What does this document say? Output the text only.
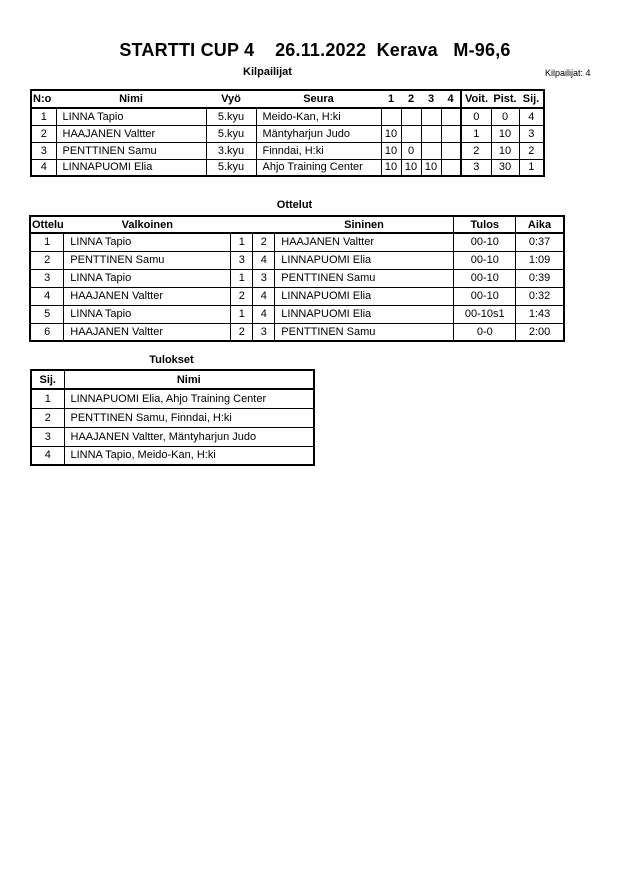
STARTTI CUP 4    26.11.2022  Kerava   M-96,6
Kilpailijat	Kilpailijat: 4
N:o	Nimi	Vyö	Seura	1	2	3	4	Voit.	Pist.	Sij.
1	LINNA Tapio	5.kyu	Meido-Kan, H:ki					0	0	4
2	HAAJANEN Valtter	5.kyu	Mäntyharjun Judo	10				1	10	3
3	PENTTINEN Samu	3.kyu	Finndai, H:ki	10	0			2	10	2
4	LINNAPUOMI Elia	5.kyu	Ahjo Training Center	10	10	10		3	30	1
Ottelut
Ottelu	Valkoinen			Sininen	Tulos	Aika
1	LINNA Tapio	1	2	HAAJANEN Valtter	00-10	0:37
2	PENTTINEN Samu	3	4	LINNAPUOMI Elia	00-10	1:09
3	LINNA Tapio	1	3	PENTTINEN Samu	00-10	0:39
4	HAAJANEN Valtter	2	4	LINNAPUOMI Elia	00-10	0:32
5	LINNA Tapio	1	4	LINNAPUOMI Elia	00-10s1	1:43
6	HAAJANEN Valtter	2	3	PENTTINEN Samu	0-0	2:00
Tulokset
Sij.	Nimi
1	LINNAPUOMI Elia, Ahjo Training Center
2	PENTTINEN Samu, Finndai, H:ki
3	HAAJANEN Valtter, Mäntyharjun Judo
4	LINNA Tapio, Meido-Kan, H:ki
